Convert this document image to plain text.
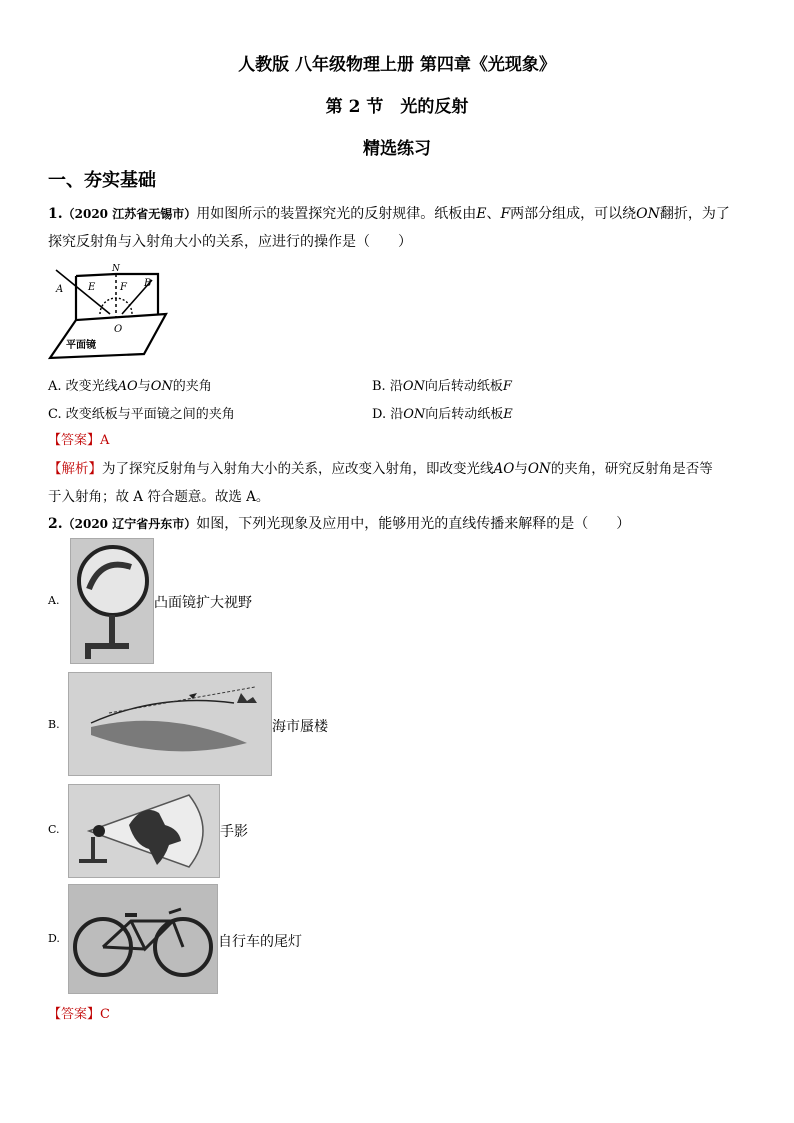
人教版 八年级物理上册 第四章《光现象》
第 2 节　光的反射
精选练习
一、夯实基础
1.（2020 江苏省无锡市）用如图所示的装置探究光的反射规律。纸板由E、F两部分组成，可以绕ON翻折，为了
探究反射角与入射角大小的关系，应进行的操作是（　　）
N
A
B
E F
O
平面镜
A. 改变光线AO与ON的夹角	B. 沿ON向后转动纸板F
C. 改变纸板与平面镜之间的夹角	D. 沿ON向后转动纸板E
【答案】A
【解析】为了探究反射角与入射角大小的关系，应改变入射角，即改变光线AO与ON的夹角，研究反射角是否等
于入射角；故 A 符合题意。故选 A。
2.（2020 辽宁省丹东市）如图，下列光现象及应用中，能够用光的直线传播来解释的是（　　）
A.	凸面镜扩大视野
B.	海市蜃楼
C.	手影
D.	自行车的尾灯
【答案】C
